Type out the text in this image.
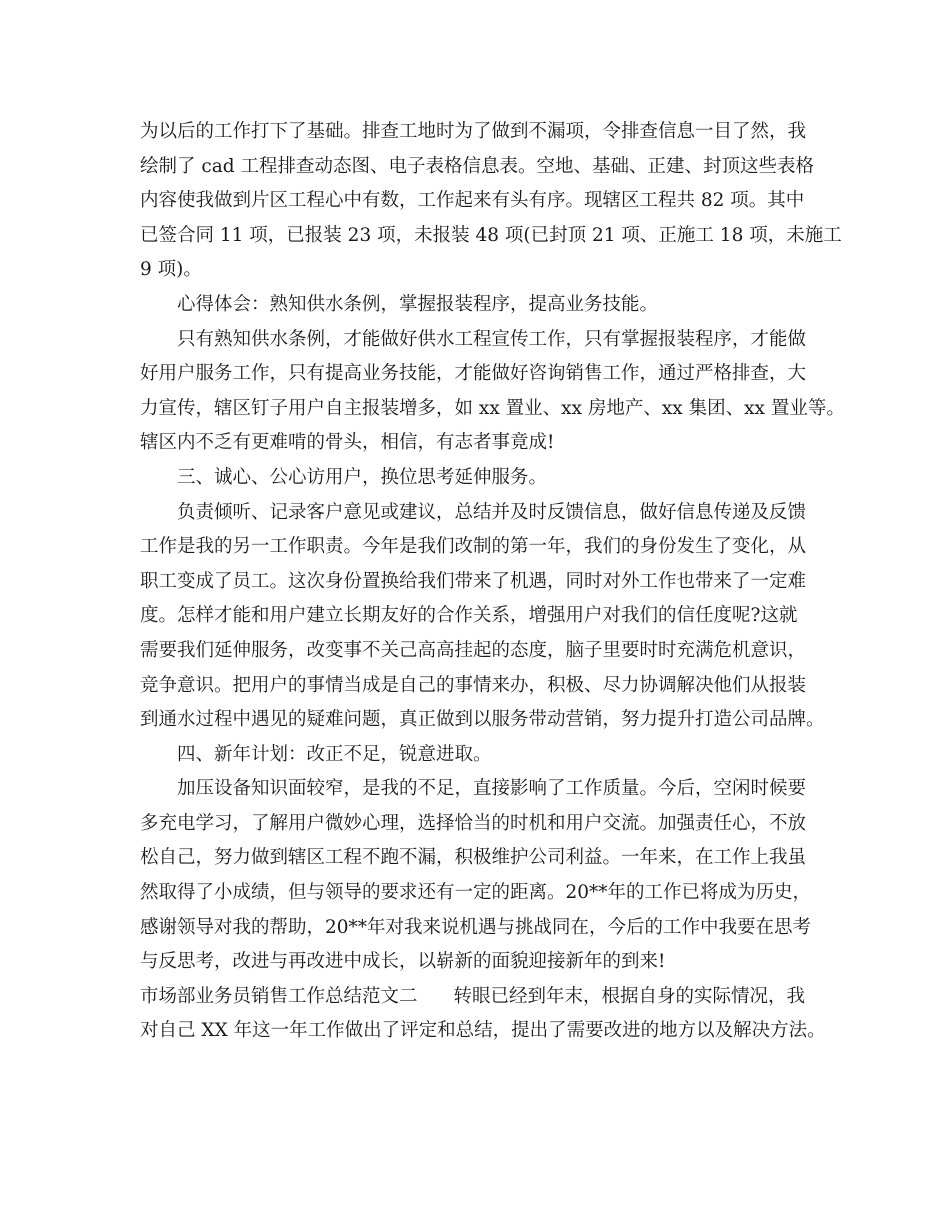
为以后的工作打下了基础。排查工地时为了做到不漏项，令排查信息一目了然，我
绘制了 cad 工程排查动态图、电子表格信息表。空地、基础、正建、封顶这些表格
内容使我做到片区工程心中有数，工作起来有头有序。现辖区工程共 82 项。其中
已签合同 11 项，已报装 23 项，未报装 48 项(已封顶 21 项、正施工 18 项，未施工
9 项)。
心得体会：熟知供水条例，掌握报装程序，提高业务技能。
只有熟知供水条例，才能做好供水工程宣传工作，只有掌握报装程序，才能做
好用户服务工作，只有提高业务技能，才能做好咨询销售工作，通过严格排查，大
力宣传，辖区钉子用户自主报装增多，如 xx 置业、xx 房地产、xx 集团、xx 置业等。
辖区内不乏有更难啃的骨头，相信，有志者事竟成!
三、诚心、公心访用户，换位思考延伸服务。
负责倾听、记录客户意见或建议，总结并及时反馈信息，做好信息传递及反馈
工作是我的另一工作职责。今年是我们改制的第一年，我们的身份发生了变化，从
职工变成了员工。这次身份置换给我们带来了机遇，同时对外工作也带来了一定难
度。怎样才能和用户建立长期友好的合作关系，增强用户对我们的信任度呢?这就
需要我们延伸服务，改变事不关己高高挂起的态度，脑子里要时时充满危机意识，
竞争意识。把用户的事情当成是自己的事情来办，积极、尽力协调解决他们从报装
到通水过程中遇见的疑难问题，真正做到以服务带动营销，努力提升打造公司品牌。
四、新年计划：改正不足，锐意进取。
加压设备知识面较窄，是我的不足，直接影响了工作质量。今后，空闲时候要
多充电学习，了解用户微妙心理，选择恰当的时机和用户交流。加强责任心，不放
松自己，努力做到辖区工程不跑不漏，积极维护公司利益。一年来，在工作上我虽
然取得了小成绩，但与领导的要求还有一定的距离。20**年的工作已将成为历史，
感谢领导对我的帮助，20**年对我来说机遇与挑战同在，今后的工作中我要在思考
与反思考，改进与再改进中成长，以崭新的面貌迎接新年的到来!
市场部业务员销售工作总结范文二 转眼已经到年末，根据自身的实际情况，我
对自己 XX 年这一年工作做出了评定和总结，提出了需要改进的地方以及解决方法。
